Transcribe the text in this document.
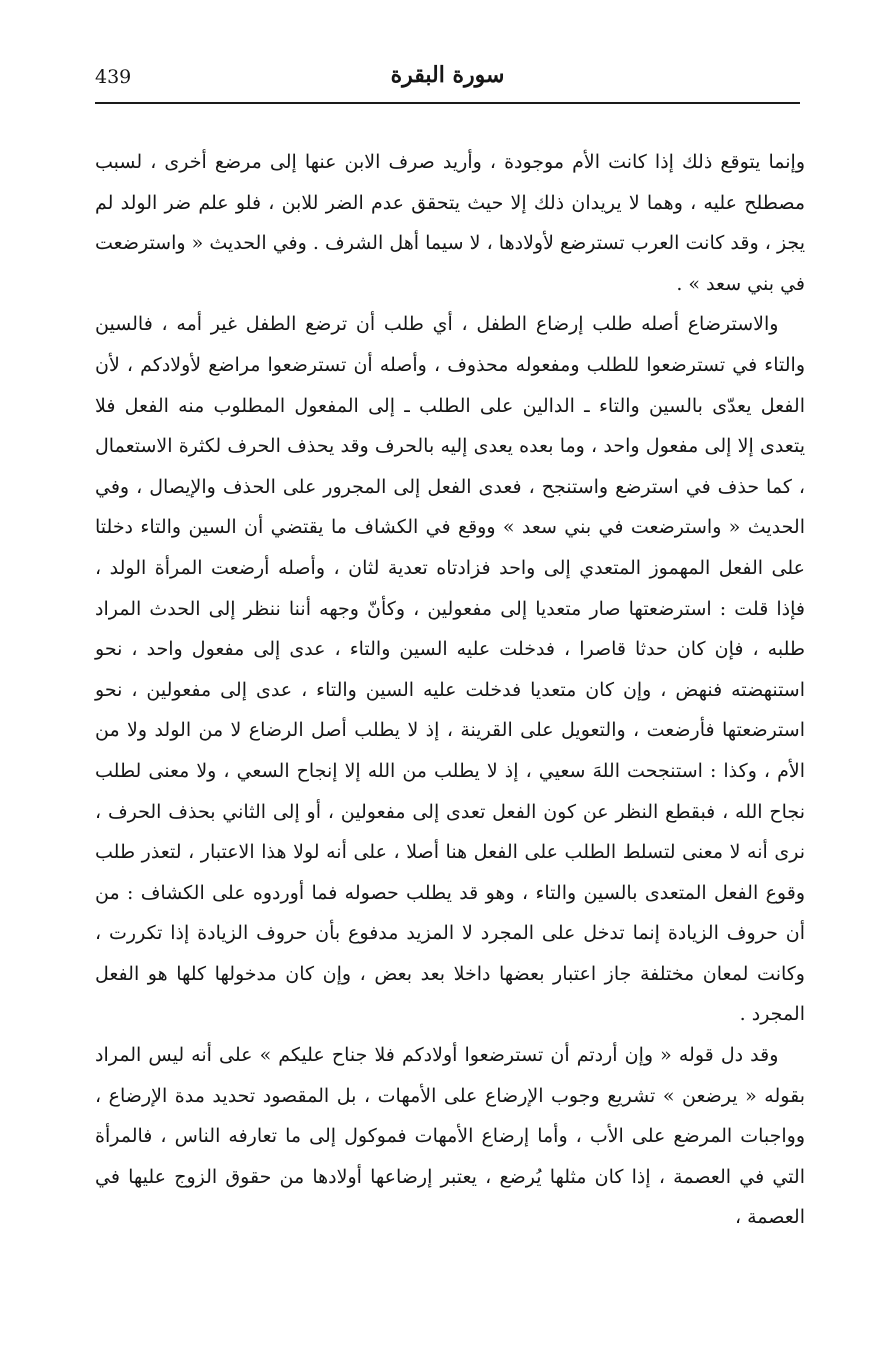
439	سورة البقرة

وإنما يتوقع ذلك إذا كانت الأم موجودة ، وأريد صرف الابن عنها إلى مرضع أخرى ، لسبب مصطلح عليه ، وهما لا يريدان ذلك إلا حيث يتحقق عدم الضر للابن ، فلو علم ضر الولد لم يجز ، وقد كانت العرب تسترضع لأولادها ، لا سيما أهل الشرف . وفي الحديث « واسترضعت في بني سعد » .

والاسترضاع أصله طلب إرضاع الطفل ، أي طلب أن ترضع الطفل غير أمه ، فالسين والتاء في تسترضعوا للطلب ومفعوله محذوف ، وأصله أن تسترضعوا مراضع لأولادكم ، لأن الفعل يعدّى بالسين والتاء ـ الدالين على الطلب ـ إلى المفعول المطلوب منه الفعل فلا يتعدى إلا إلى مفعول واحد ، وما بعده يعدى إليه بالحرف وقد يحذف الحرف لكثرة الاستعمال ، كما حذف في استرضع واستنجح ، فعدى الفعل إلى المجرور على الحذف والإيصال ، وفي الحديث « واسترضعت في بني سعد » ووقع في الكشاف ما يقتضي أن السين والتاء دخلتا على الفعل المهموز المتعدي إلى واحد فزادتاه تعدية لثان ، وأصله أرضعت المرأة الولد ، فإذا قلت : استرضعتها صار متعديا إلى مفعولين ، وكأنّ وجهه أننا ننظر إلى الحدث المراد طلبه ، فإن كان حدثا قاصرا ، فدخلت عليه السين والتاء ، عدى إلى مفعول واحد ، نحو استنهضته فنهض ، وإن كان متعديا فدخلت عليه السين والتاء ، عدى إلى مفعولين ، نحو استرضعتها فأرضعت ، والتعويل على القرينة ، إذ لا يطلب أصل الرضاع لا من الولد ولا من الأم ، وكذا : استنجحت اللهَ سعيي ، إذ لا يطلب من الله إلا إنجاح السعي ، ولا معنى لطلب نجاح الله ، فبقطع النظر عن كون الفعل تعدى إلى مفعولين ، أو إلى الثاني بحذف الحرف ، نرى أنه لا معنى لتسلط الطلب على الفعل هنا أصلا ، على أنه لولا هذا الاعتبار ، لتعذر طلب وقوع الفعل المتعدى بالسين والتاء ، وهو قد يطلب حصوله فما أوردوه على الكشاف : من أن حروف الزيادة إنما تدخل على المجرد لا المزيد مدفوع بأن حروف الزيادة إذا تكررت ، وكانت لمعان مختلفة جاز اعتبار بعضها داخلا بعد بعض ، وإن كان مدخولها كلها هو الفعل المجرد .

وقد دل قوله « وإن أردتم أن تسترضعوا أولادكم فلا جناح عليكم » على أنه ليس المراد بقوله « يرضعن » تشريع وجوب الإرضاع على الأمهات ، بل المقصود تحديد مدة الإرضاع ، وواجبات المرضع على الأب ، وأما إرضاع الأمهات فموكول إلى ما تعارفه الناس ، فالمرأة التي في العصمة ، إذا كان مثلها يُرضع ، يعتبر إرضاعها أولادها من حقوق الزوج عليها في العصمة ،
